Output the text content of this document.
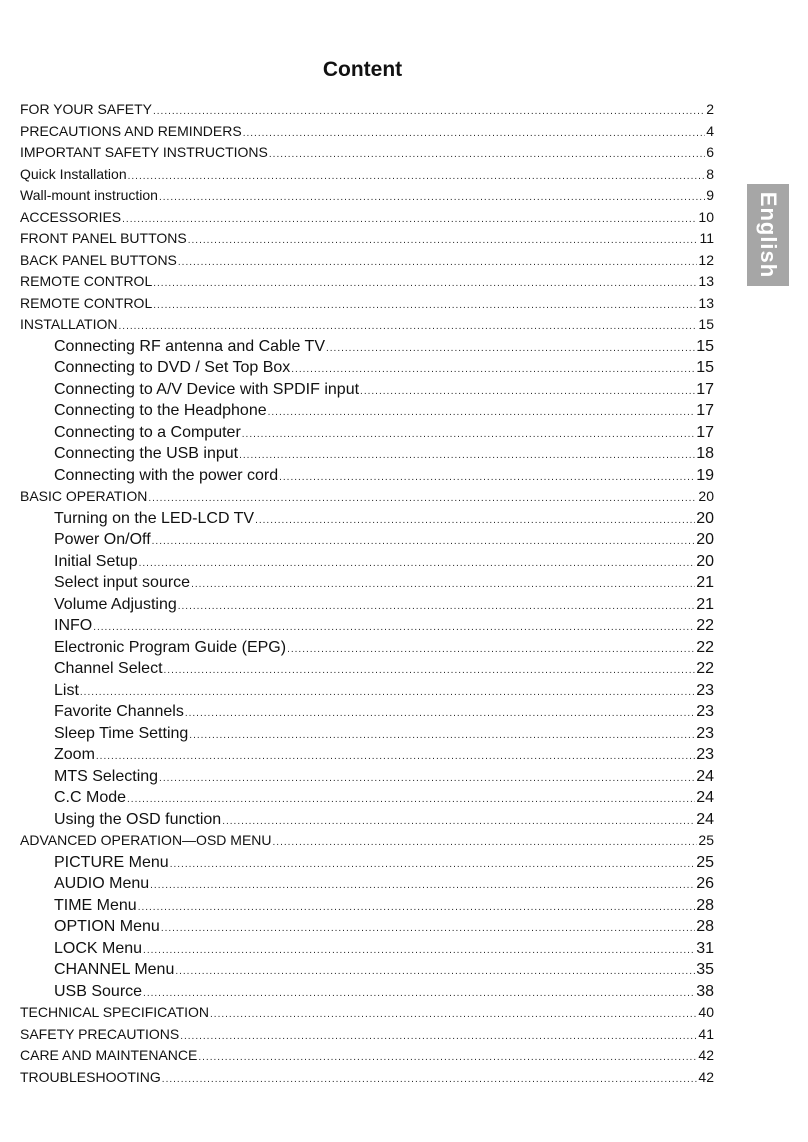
Content
English
FOR YOUR SAFETY .....	2
PRECAUTIONS AND REMINDERS .....	4
IMPORTANT SAFETY INSTRUCTIONS .....	6
Quick Installation .....	8
Wall-mount instruction .....	9
ACCESSORIES .....	10
FRONT PANEL BUTTONS .....	11
BACK PANEL BUTTONS .....	12
REMOTE CONTROL .....	13
REMOTE CONTROL .....	13
INSTALLATION .....	15
Connecting RF antenna and Cable TV .....	15
Connecting to DVD / Set Top Box .....	15
Connecting to A/V Device with SPDIF input .....	17
Connecting to the Headphone .....	17
Connecting to a Computer .....	17
Connecting the USB input .....	18
Connecting with the power cord .....	19
BASIC OPERATION .....	20
Turning on the LED-LCD TV .....	20
Power On/Off .....	20
Initial Setup .....	20
Select input source .....	21
Volume Adjusting .....	21
INFO .....	22
Electronic Program Guide (EPG) .....	22
Channel Select .....	22
List .....	23
Favorite Channels .....	23
Sleep Time Setting .....	23
Zoom .....	23
MTS Selecting .....	24
C.C Mode .....	24
Using the OSD function .....	24
ADVANCED OPERATION—OSD MENU .....	25
PICTURE Menu .....	25
AUDIO Menu .....	26
TIME Menu .....	28
OPTION Menu .....	28
LOCK Menu .....	31
CHANNEL Menu .....	35
USB Source .....	38
TECHNICAL SPECIFICATION .....	40
SAFETY PRECAUTIONS .....	41
CARE AND MAINTENANCE .....	42
TROUBLESHOOTING .....	42
